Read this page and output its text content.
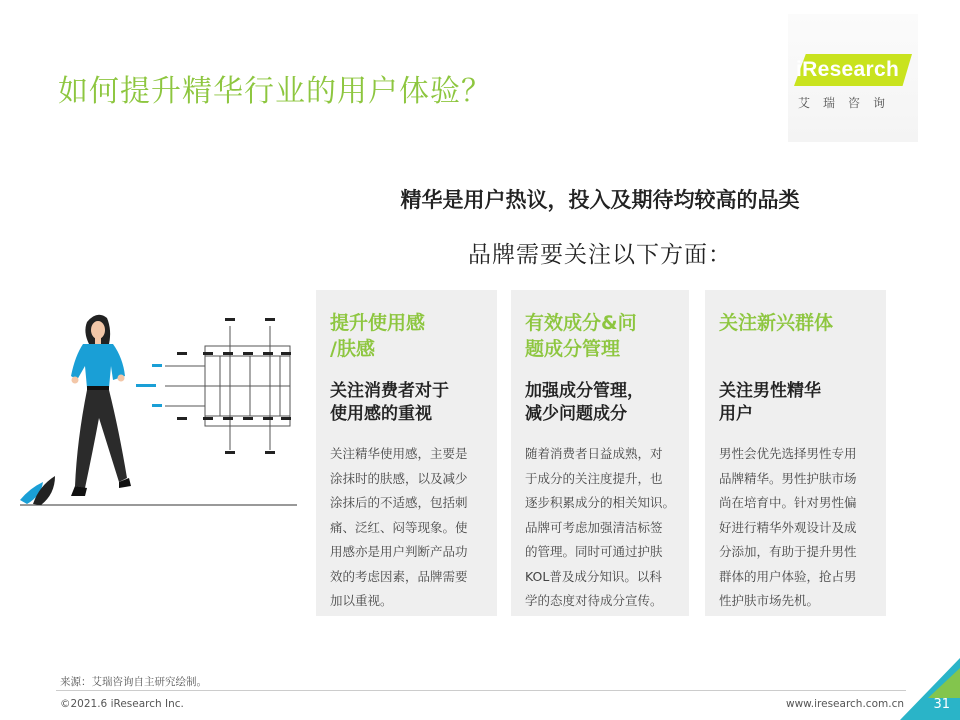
如何提升精华行业的用户体验？
iResearch
艾瑞咨询
精华是用户热议，投入及期待均较高的品类
品牌需要关注以下方面：
提升使用感
/肤感
关注消费者对于
使用感的重视
关注精华使用感，主要是
涂抹时的肤感，以及减少
涂抹后的不适感，包括刺
痛、泛红、闷等现象。使
用感亦是用户判断产品功
效的考虑因素，品牌需要
加以重视。
有效成分&问
题成分管理
加强成分管理，
减少问题成分
随着消费者日益成熟，对
于成分的关注度提升，也
逐步积累成分的相关知识。
品牌可考虑加强清洁标签
的管理。同时可通过护肤
KOL普及成分知识。以科
学的态度对待成分宣传。
关注新兴群体
关注男性精华
用户
男性会优先选择男性专用
品牌精华。男性护肤市场
尚在培育中。针对男性偏
好进行精华外观设计及成
分添加，有助于提升男性
群体的用户体验，抢占男
性护肤市场先机。
来源：艾瑞咨询自主研究绘制。
©2021.6 iResearch Inc.	www.iresearch.com.cn 31
